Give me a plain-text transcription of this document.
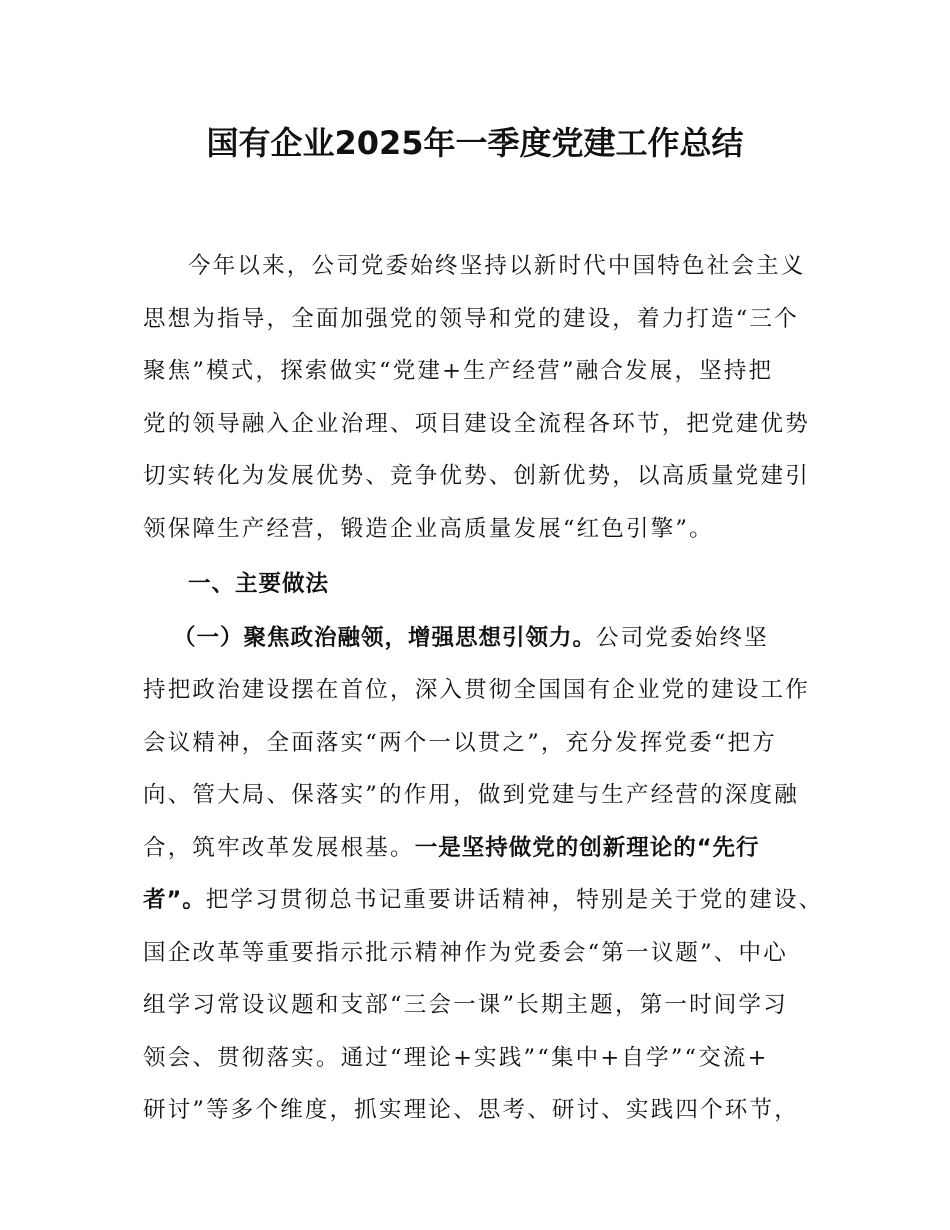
国有企业2025年一季度党建工作总结
今年以来，公司党委始终坚持以新时代中国特色社会主义
思想为指导，全面加强党的领导和党的建设，着力打造“三个
聚焦”模式，探索做实“党建+生产经营”融合发展，坚持把
党的领导融入企业治理、项目建设全流程各环节，把党建优势
切实转化为发展优势、竞争优势、创新优势，以高质量党建引
领保障生产经营，锻造企业高质量发展“红色引擎”。
一、主要做法
（一）聚焦政治融领，增强思想引领力。公司党委始终坚
持把政治建设摆在首位，深入贯彻全国国有企业党的建设工作
会议精神，全面落实“两个一以贯之”，充分发挥党委“把方
向、管大局、保落实”的作用，做到党建与生产经营的深度融
合，筑牢改革发展根基。一是坚持做党的创新理论的“先行
者”。把学习贯彻总书记重要讲话精神，特别是关于党的建设、
国企改革等重要指示批示精神作为党委会“第一议题”、中心
组学习常设议题和支部“三会一课”长期主题，第一时间学习
领会、贯彻落实。通过“理论+实践”“集中+自学”“交流+
研讨”等多个维度，抓实理论、思考、研讨、实践四个环节，
